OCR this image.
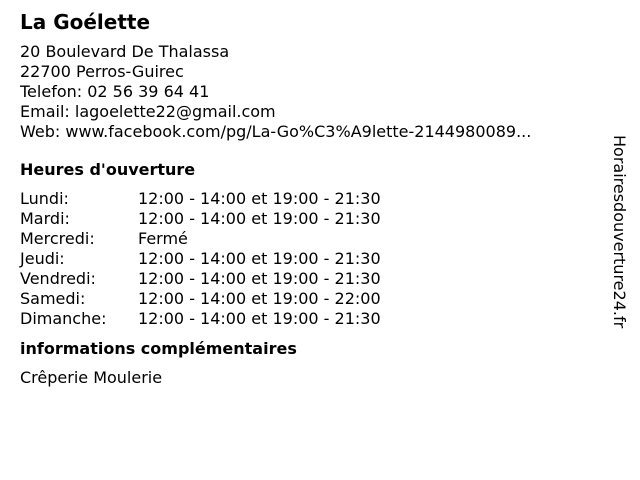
La Goélette
20 Boulevard De Thalassa
22700 Perros-Guirec
Telefon: 02 56 39 64 41
Email: lagoelette22@gmail.com
Web: www.facebook.com/pg/La-Go%C3%A9lette-2144980089...
Heures d'ouverture
Lundi:	12:00 - 14:00 et 19:00 - 21:30
Mardi:	12:00 - 14:00 et 19:00 - 21:30
Mercredi:	Fermé
Jeudi:	12:00 - 14:00 et 19:00 - 21:30
Vendredi:	12:00 - 14:00 et 19:00 - 21:30
Samedi:	12:00 - 14:00 et 19:00 - 22:00
Dimanche:	12:00 - 14:00 et 19:00 - 21:30
informations complémentaires
Crêperie Moulerie
Horairesdouverture24.fr
